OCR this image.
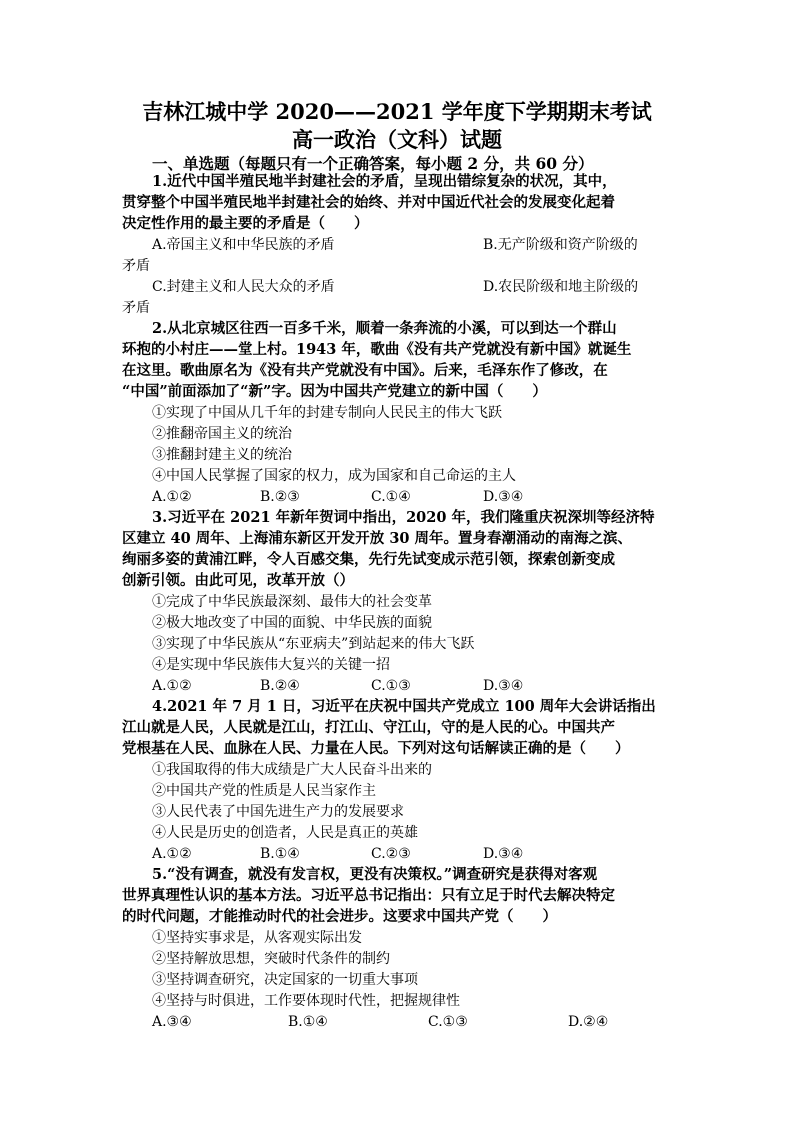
吉林江城中学 2020——2021 学年度下学期期末考试
高一政治（文科）试题
一、单选题（每题只有一个正确答案，每小题 2 分，共 60 分）
1.近代中国半殖民地半封建社会的矛盾，呈现出错综复杂的状况，其中，
贯穿整个中国半殖民地半封建社会的始终、并对中国近代社会的发展变化起着
决定性作用的最主要的矛盾是（　　）
A.帝国主义和中华民族的矛盾	B.无产阶级和资产阶级的
矛盾
C.封建主义和人民大众的矛盾	D.农民阶级和地主阶级的
矛盾
2.从北京城区往西一百多千米，顺着一条奔流的小溪，可以到达一个群山
环抱的小村庄——堂上村。1943 年，歌曲《没有共产党就没有新中国》就诞生
在这里。歌曲原名为《没有共产党就没有中国》。后来，毛泽东作了修改，在
“中国”前面添加了“新”字。因为中国共产党建立的新中国（　　）
①实现了中国从几千年的封建专制向人民民主的伟大飞跃
②推翻帝国主义的统治
③推翻封建主义的统治
④中国人民掌握了国家的权力，成为国家和自己命运的主人
A.①②	B.②③	C.①④	D.③④
3.习近平在 2021 年新年贺词中指出，2020 年，我们隆重庆祝深圳等经济特
区建立 40 周年、上海浦东新区开发开放 30 周年。置身春潮涌动的南海之滨、
绚丽多姿的黄浦江畔，令人百感交集，先行先试变成示范引领，探索创新变成
创新引领。由此可见，改革开放（）
①完成了中华民族最深刻、最伟大的社会变革
②极大地改变了中国的面貌、中华民族的面貌
③实现了中华民族从“东亚病夫”到站起来的伟大飞跃
④是实现中华民族伟大复兴的关键一招
A.①②	B.②④	C.①③	D.③④
4.2021 年 7 月 1 日，习近平在庆祝中国共产党成立 100 周年大会讲话指出
江山就是人民，人民就是江山，打江山、守江山，守的是人民的心。中国共产
党根基在人民、血脉在人民、力量在人民。下列对这句话解读正确的是（　　）
①我国取得的伟大成绩是广大人民奋斗出来的
②中国共产党的性质是人民当家作主
③人民代表了中国先进生产力的发展要求
④人民是历史的创造者，人民是真正的英雄
A.①②	B.①④	C.②③	D.③④
5.“没有调查，就没有发言权，更没有决策权。”调查研究是获得对客观
世界真理性认识的基本方法。习近平总书记指出：只有立足于时代去解决特定
的时代问题，才能推动时代的社会进步。这要求中国共产党（　　）
①坚持实事求是，从客观实际出发
②坚持解放思想，突破时代条件的制约
③坚持调查研究，决定国家的一切重大事项
④坚持与时俱进，工作要体现时代性，把握规律性
A.③④	B.①④	C.①③	D.②④
